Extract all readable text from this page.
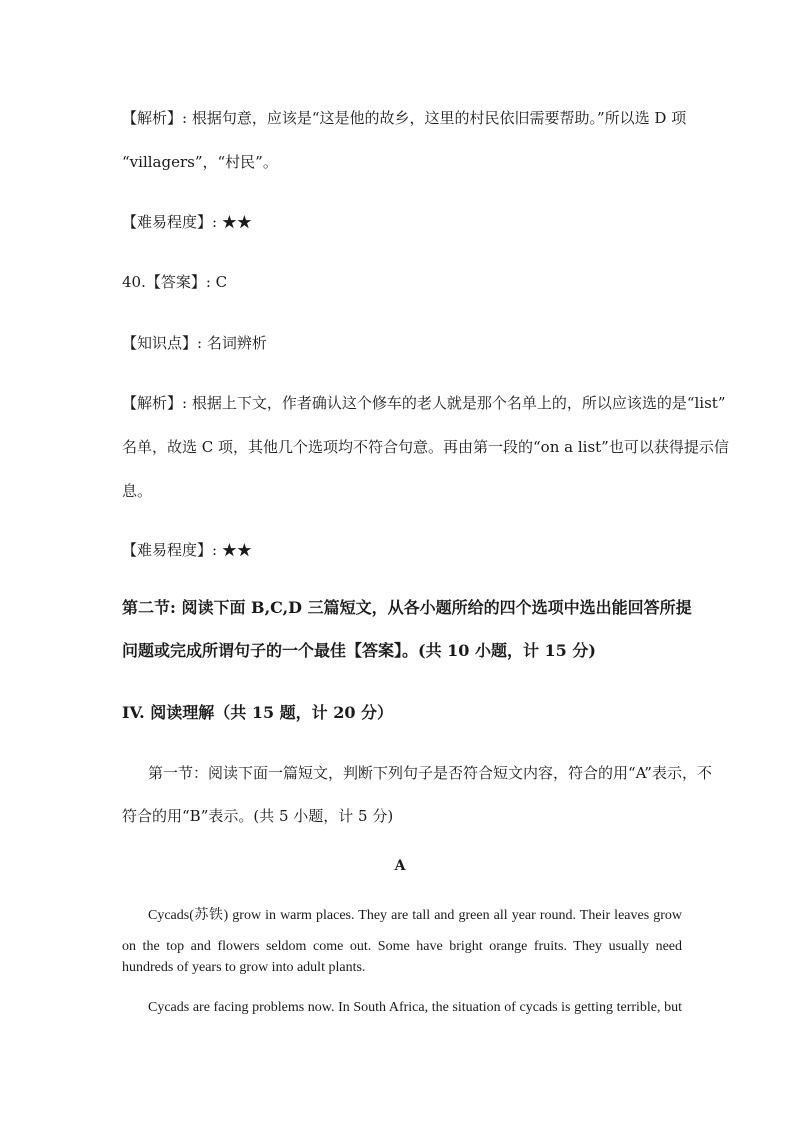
【解析】: 根据句意，应该是“这是他的故乡，这里的村民依旧需要帮助。”所以选 D 项
“villagers”，“村民”。
【难易程度】: ★★
40.【答案】: C
【知识点】: 名词辨析
【解析】: 根据上下文，作者确认这个修车的老人就是那个名单上的，所以应该选的是“list”
名单，故选 C 项，其他几个选项均不符合句意。再由第一段的“on a list”也可以获得提示信
息。
【难易程度】: ★★
第二节: 阅读下面 B,C,D 三篇短文，从各小题所给的四个选项中选出能回答所提
问题或完成所谓句子的一个最佳【答案】。(共 10 小题，计 15 分)
IV. 阅读理解（共 15 题，计 20 分）
第一节：阅读下面一篇短文，判断下列句子是否符合短文内容，符合的用“A”表示，不
符合的用“B”表示。(共 5 小题，计 5 分)
A
Cycads(苏铁) grow in warm places. They are tall and green all year round. Their leaves grow
on the top and flowers seldom come out. Some have bright orange fruits. They usually need
hundreds of years to grow into adult plants.
Cycads are facing problems now. In South Africa, the situation of cycads is getting terrible, but
